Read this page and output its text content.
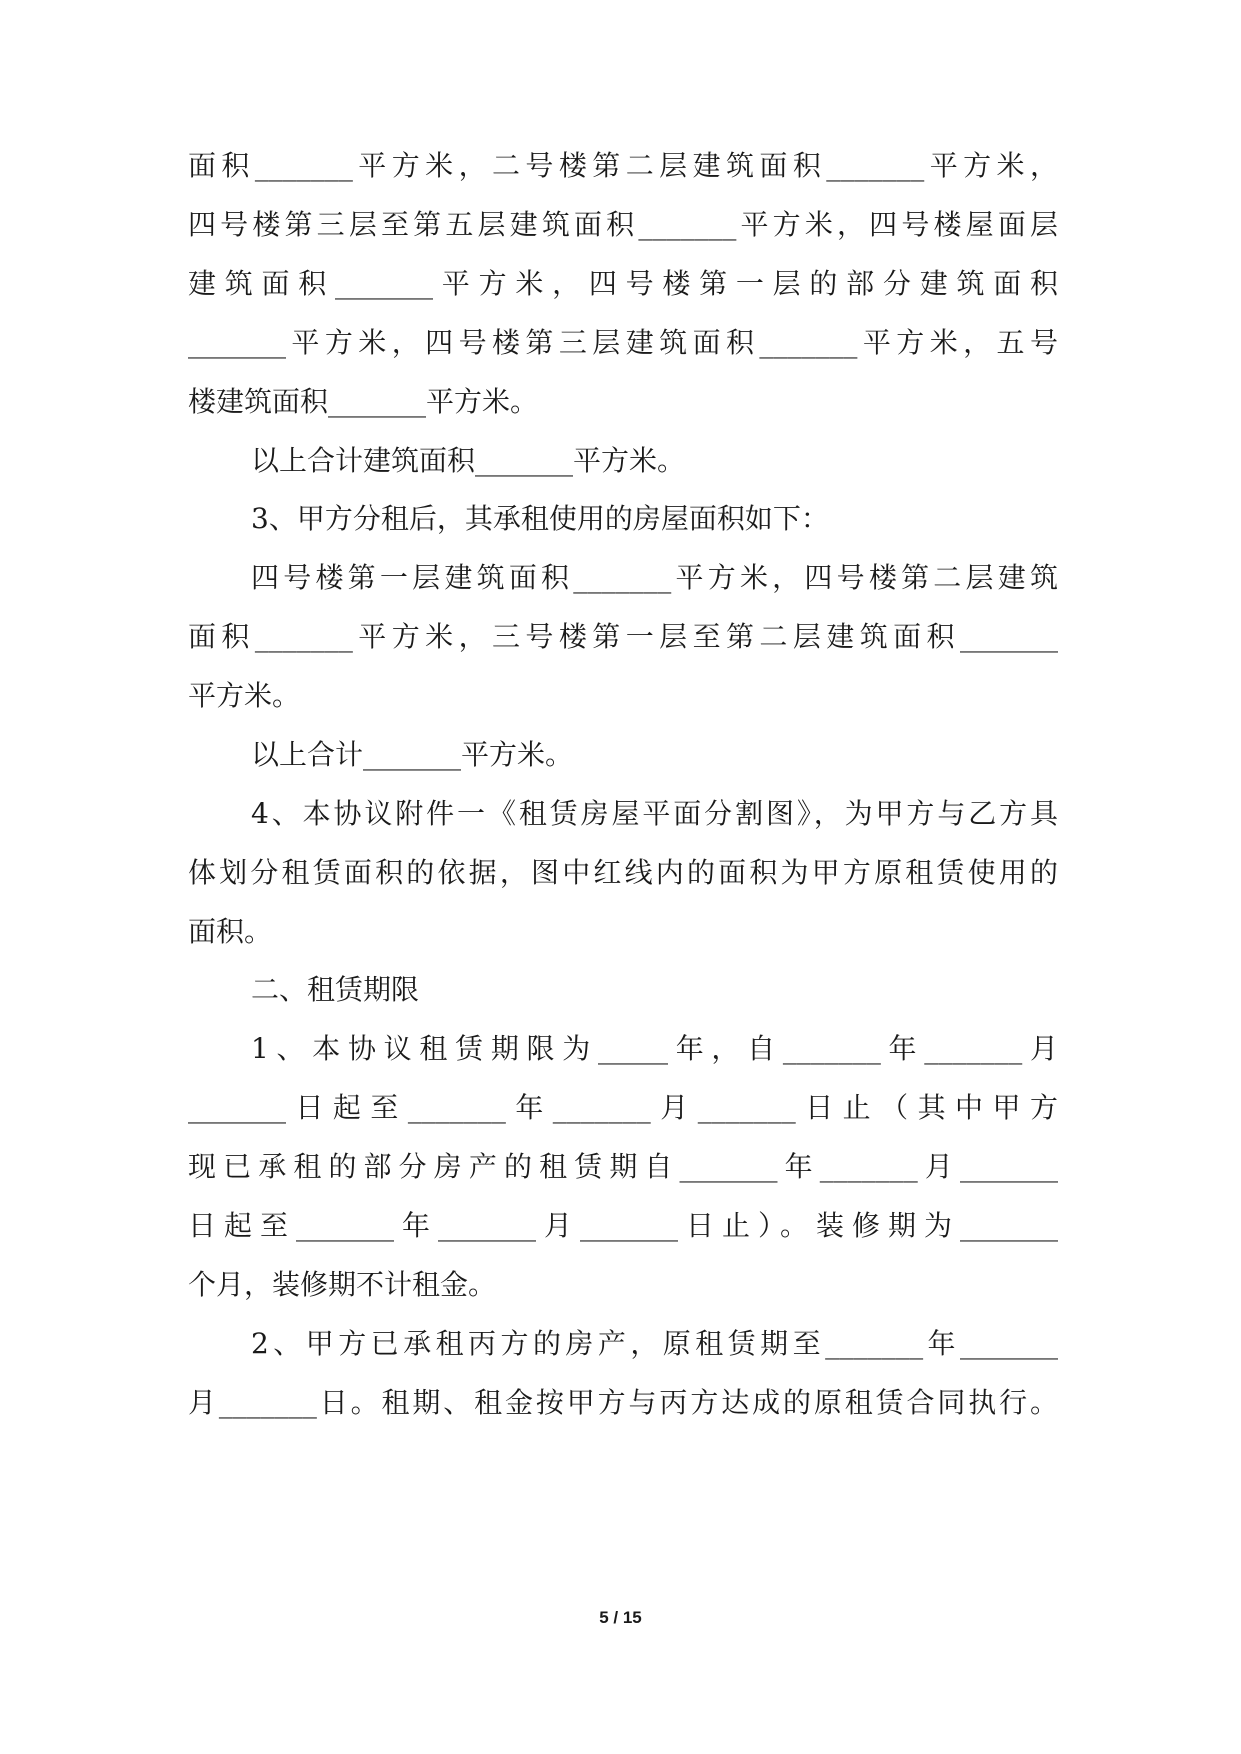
面积_______平方米，二号楼第二层建筑面积_______平方米，
四号楼第三层至第五层建筑面积_______平方米，四号楼屋面层
建筑面积_______平方米，四号楼第一层的部分建筑面积
_______平方米，四号楼第三层建筑面积_______平方米，五号
楼建筑面积_______平方米。
以上合计建筑面积_______平方米。
3、甲方分租后，其承租使用的房屋面积如下：
四号楼第一层建筑面积_______平方米，四号楼第二层建筑
面积_______平方米，三号楼第一层至第二层建筑面积_______
平方米。
以上合计_______平方米。
4、本协议附件一《租赁房屋平面分割图》，为甲方与乙方具
体划分租赁面积的依据，图中红线内的面积为甲方原租赁使用的
面积。
二、租赁期限
1、本协议租赁期限为_____年，自_______年_______月
_______日起至_______年_______月_______日止（其中甲方
现已承租的部分房产的租赁期自_______年_______月_______
日起至_______年_______月_______日止）。装修期为_______
个月，装修期不计租金。
2、甲方已承租丙方的房产，原租赁期至_______年_______
月_______日。租期、租金按甲方与丙方达成的原租赁合同执行。
5 / 15
